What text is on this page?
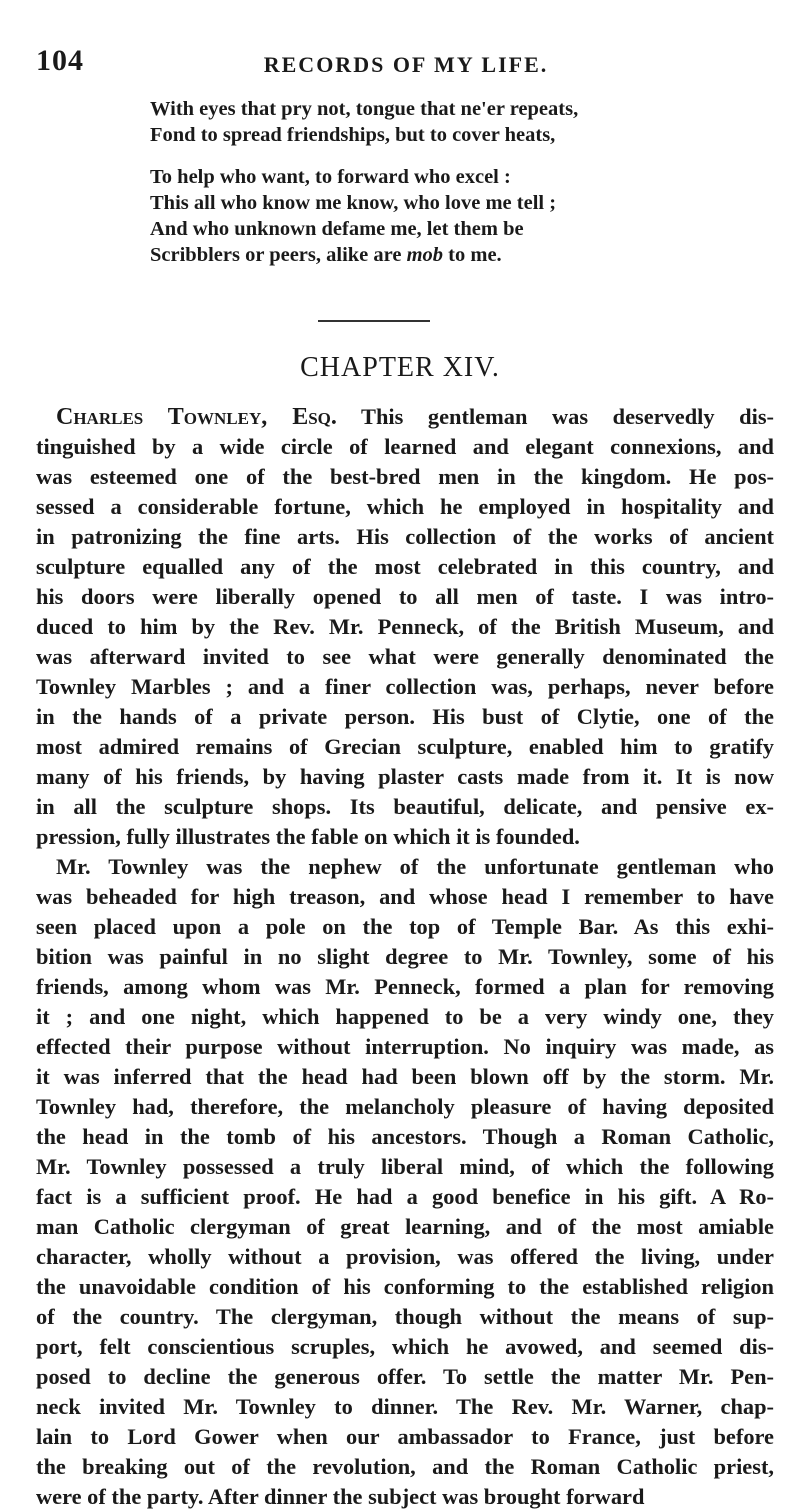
104	RECORDS OF MY LIFE.
With eyes that pry not, tongue that ne'er repeats,
Fond to spread friendships, but to cover heats,
To help who want, to forward who excel :
This all who know me know, who love me tell ;
And who unknown defame me, let them be
Scribblers or peers, alike are mob to me.
CHAPTER XIV.
Charles Townley, Esq. This gentleman was deservedly dis-
tinguished by a wide circle of learned and elegant connexions, and
was esteemed one of the best-bred men in the kingdom. He pos-
sessed a considerable fortune, which he employed in hospitality and
in patronizing the fine arts. His collection of the works of ancient
sculpture equalled any of the most celebrated in this country, and
his doors were liberally opened to all men of taste. I was intro-
duced to him by the Rev. Mr. Penneck, of the British Museum, and
was afterward invited to see what were generally denominated the
Townley Marbles ; and a finer collection was, perhaps, never before
in the hands of a private person. His bust of Clytie, one of the
most admired remains of Grecian sculpture, enabled him to gratify
many of his friends, by having plaster casts made from it. It is now
in all the sculpture shops. Its beautiful, delicate, and pensive ex-
pression, fully illustrates the fable on which it is founded.
Mr. Townley was the nephew of the unfortunate gentleman who
was beheaded for high treason, and whose head I remember to have
seen placed upon a pole on the top of Temple Bar. As this exhi-
bition was painful in no slight degree to Mr. Townley, some of his
friends, among whom was Mr. Penneck, formed a plan for removing
it ; and one night, which happened to be a very windy one, they
effected their purpose without interruption. No inquiry was made, as
it was inferred that the head had been blown off by the storm. Mr.
Townley had, therefore, the melancholy pleasure of having deposited
the head in the tomb of his ancestors. Though a Roman Catholic,
Mr. Townley possessed a truly liberal mind, of which the following
fact is a sufficient proof. He had a good benefice in his gift. A Ro-
man Catholic clergyman of great learning, and of the most amiable
character, wholly without a provision, was offered the living, under
the unavoidable condition of his conforming to the established religion
of the country. The clergyman, though without the means of sup-
port, felt conscientious scruples, which he avowed, and seemed dis-
posed to decline the generous offer. To settle the matter Mr. Pen-
neck invited Mr. Townley to dinner. The Rev. Mr. Warner, chap-
lain to Lord Gower when our ambassador to France, just before
the breaking out of the revolution, and the Roman Catholic priest,
were of the party. After dinner the subject was brought forward
